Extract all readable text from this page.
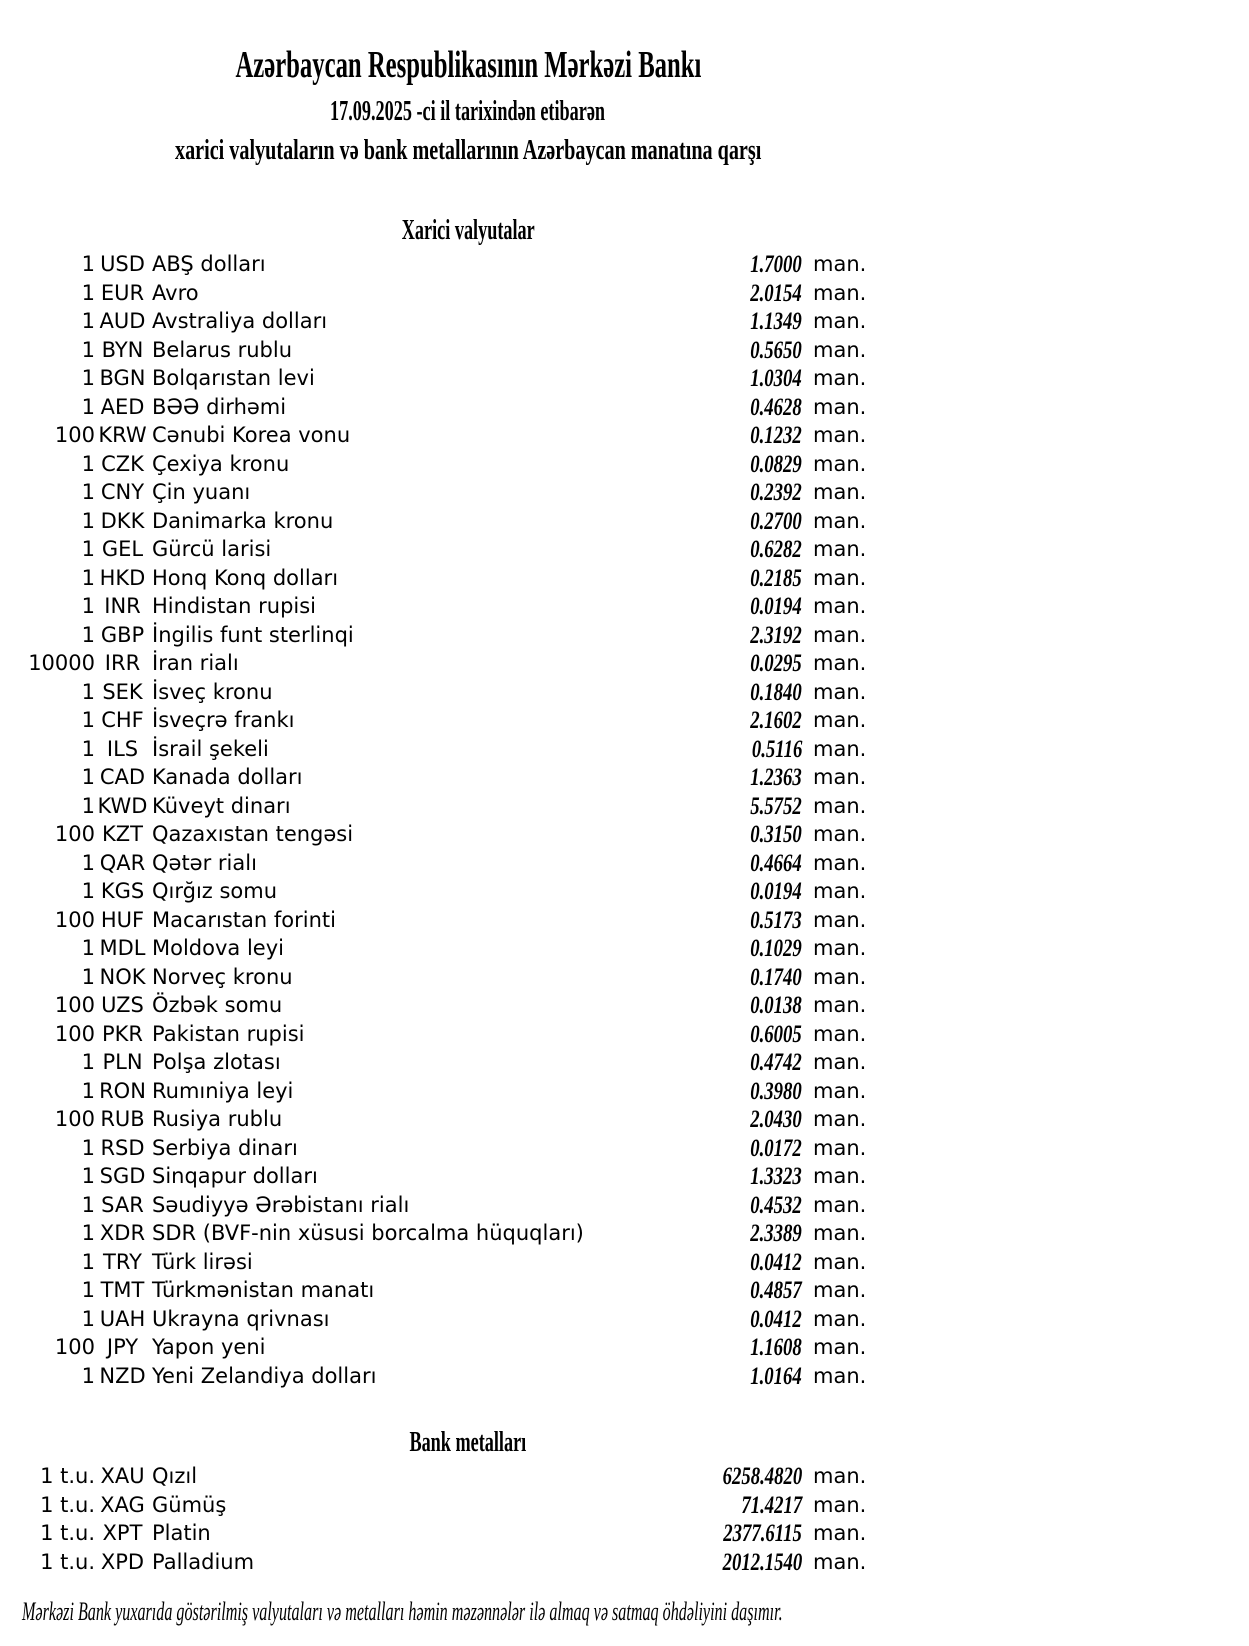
Azərbaycan Respublikasının Mərkəzi Bankı
17.09.2025 -ci il tarixindən etibarən
xarici valyutaların və bank metallarının Azərbaycan manatına qarşı
Xarici valyutalar
1 USD ABŞ dolları	1.7000 man.
1 EUR Avro	2.0154 man.
1 AUD Avstraliya dolları	1.1349 man.
1 BYN Belarus rublu	0.5650 man.
1 BGN Bolqarıstan levi	1.0304 man.
1 AED BƏƏ dirhəmi	0.4628 man.
100 KRW Cənubi Korea vonu	0.1232 man.
1 CZK Çexiya kronu	0.0829 man.
1 CNY Çin yuanı	0.2392 man.
1 DKK Danimarka kronu	0.2700 man.
1 GEL Gürcü larisi	0.6282 man.
1 HKD Honq Konq dolları	0.2185 man.
1 INR Hindistan rupisi	0.0194 man.
1 GBP İngilis funt sterlinqi	2.3192 man.
10000 IRR İran rialı	0.0295 man.
1 SEK İsveç kronu	0.1840 man.
1 CHF İsveçrə frankı	2.1602 man.
1 ILS İsrail şekeli	0.5116 man.
1 CAD Kanada dolları	1.2363 man.
1 KWD Küveyt dinarı	5.5752 man.
100 KZT Qazaxıstan tengəsi	0.3150 man.
1 QAR Qətər rialı	0.4664 man.
1 KGS Qırğız somu	0.0194 man.
100 HUF Macarıstan forinti	0.5173 man.
1 MDL Moldova leyi	0.1029 man.
1 NOK Norveç kronu	0.1740 man.
100 UZS Özbək somu	0.0138 man.
100 PKR Pakistan rupisi	0.6005 man.
1 PLN Polşa zlotası	0.4742 man.
1 RON Rumıniya leyi	0.3980 man.
100 RUB Rusiya rublu	2.0430 man.
1 RSD Serbiya dinarı	0.0172 man.
1 SGD Sinqapur dolları	1.3323 man.
1 SAR Səudiyyə Ərəbistanı rialı	0.4532 man.
1 XDR SDR (BVF-nin xüsusi borcalma hüquqları)	2.3389 man.
1 TRY Türk lirəsi	0.0412 man.
1 TMT Türkmənistan manatı	0.4857 man.
1 UAH Ukrayna qrivnası	0.0412 man.
100 JPY Yapon yeni	1.1608 man.
1 NZD Yeni Zelandiya dolları	1.0164 man.
Bank metalları
1 t.u. XAU Qızıl	6258.4820 man.
1 t.u. XAG Gümüş	71.4217 man.
1 t.u. XPT Platin	2377.6115 man.
1 t.u. XPD Palladium	2012.1540 man.
Mərkəzi Bank yuxarıda göstərilmiş valyutaları və metalları həmin məzənnələr ilə almaq və satmaq öhdəliyini daşımır.
